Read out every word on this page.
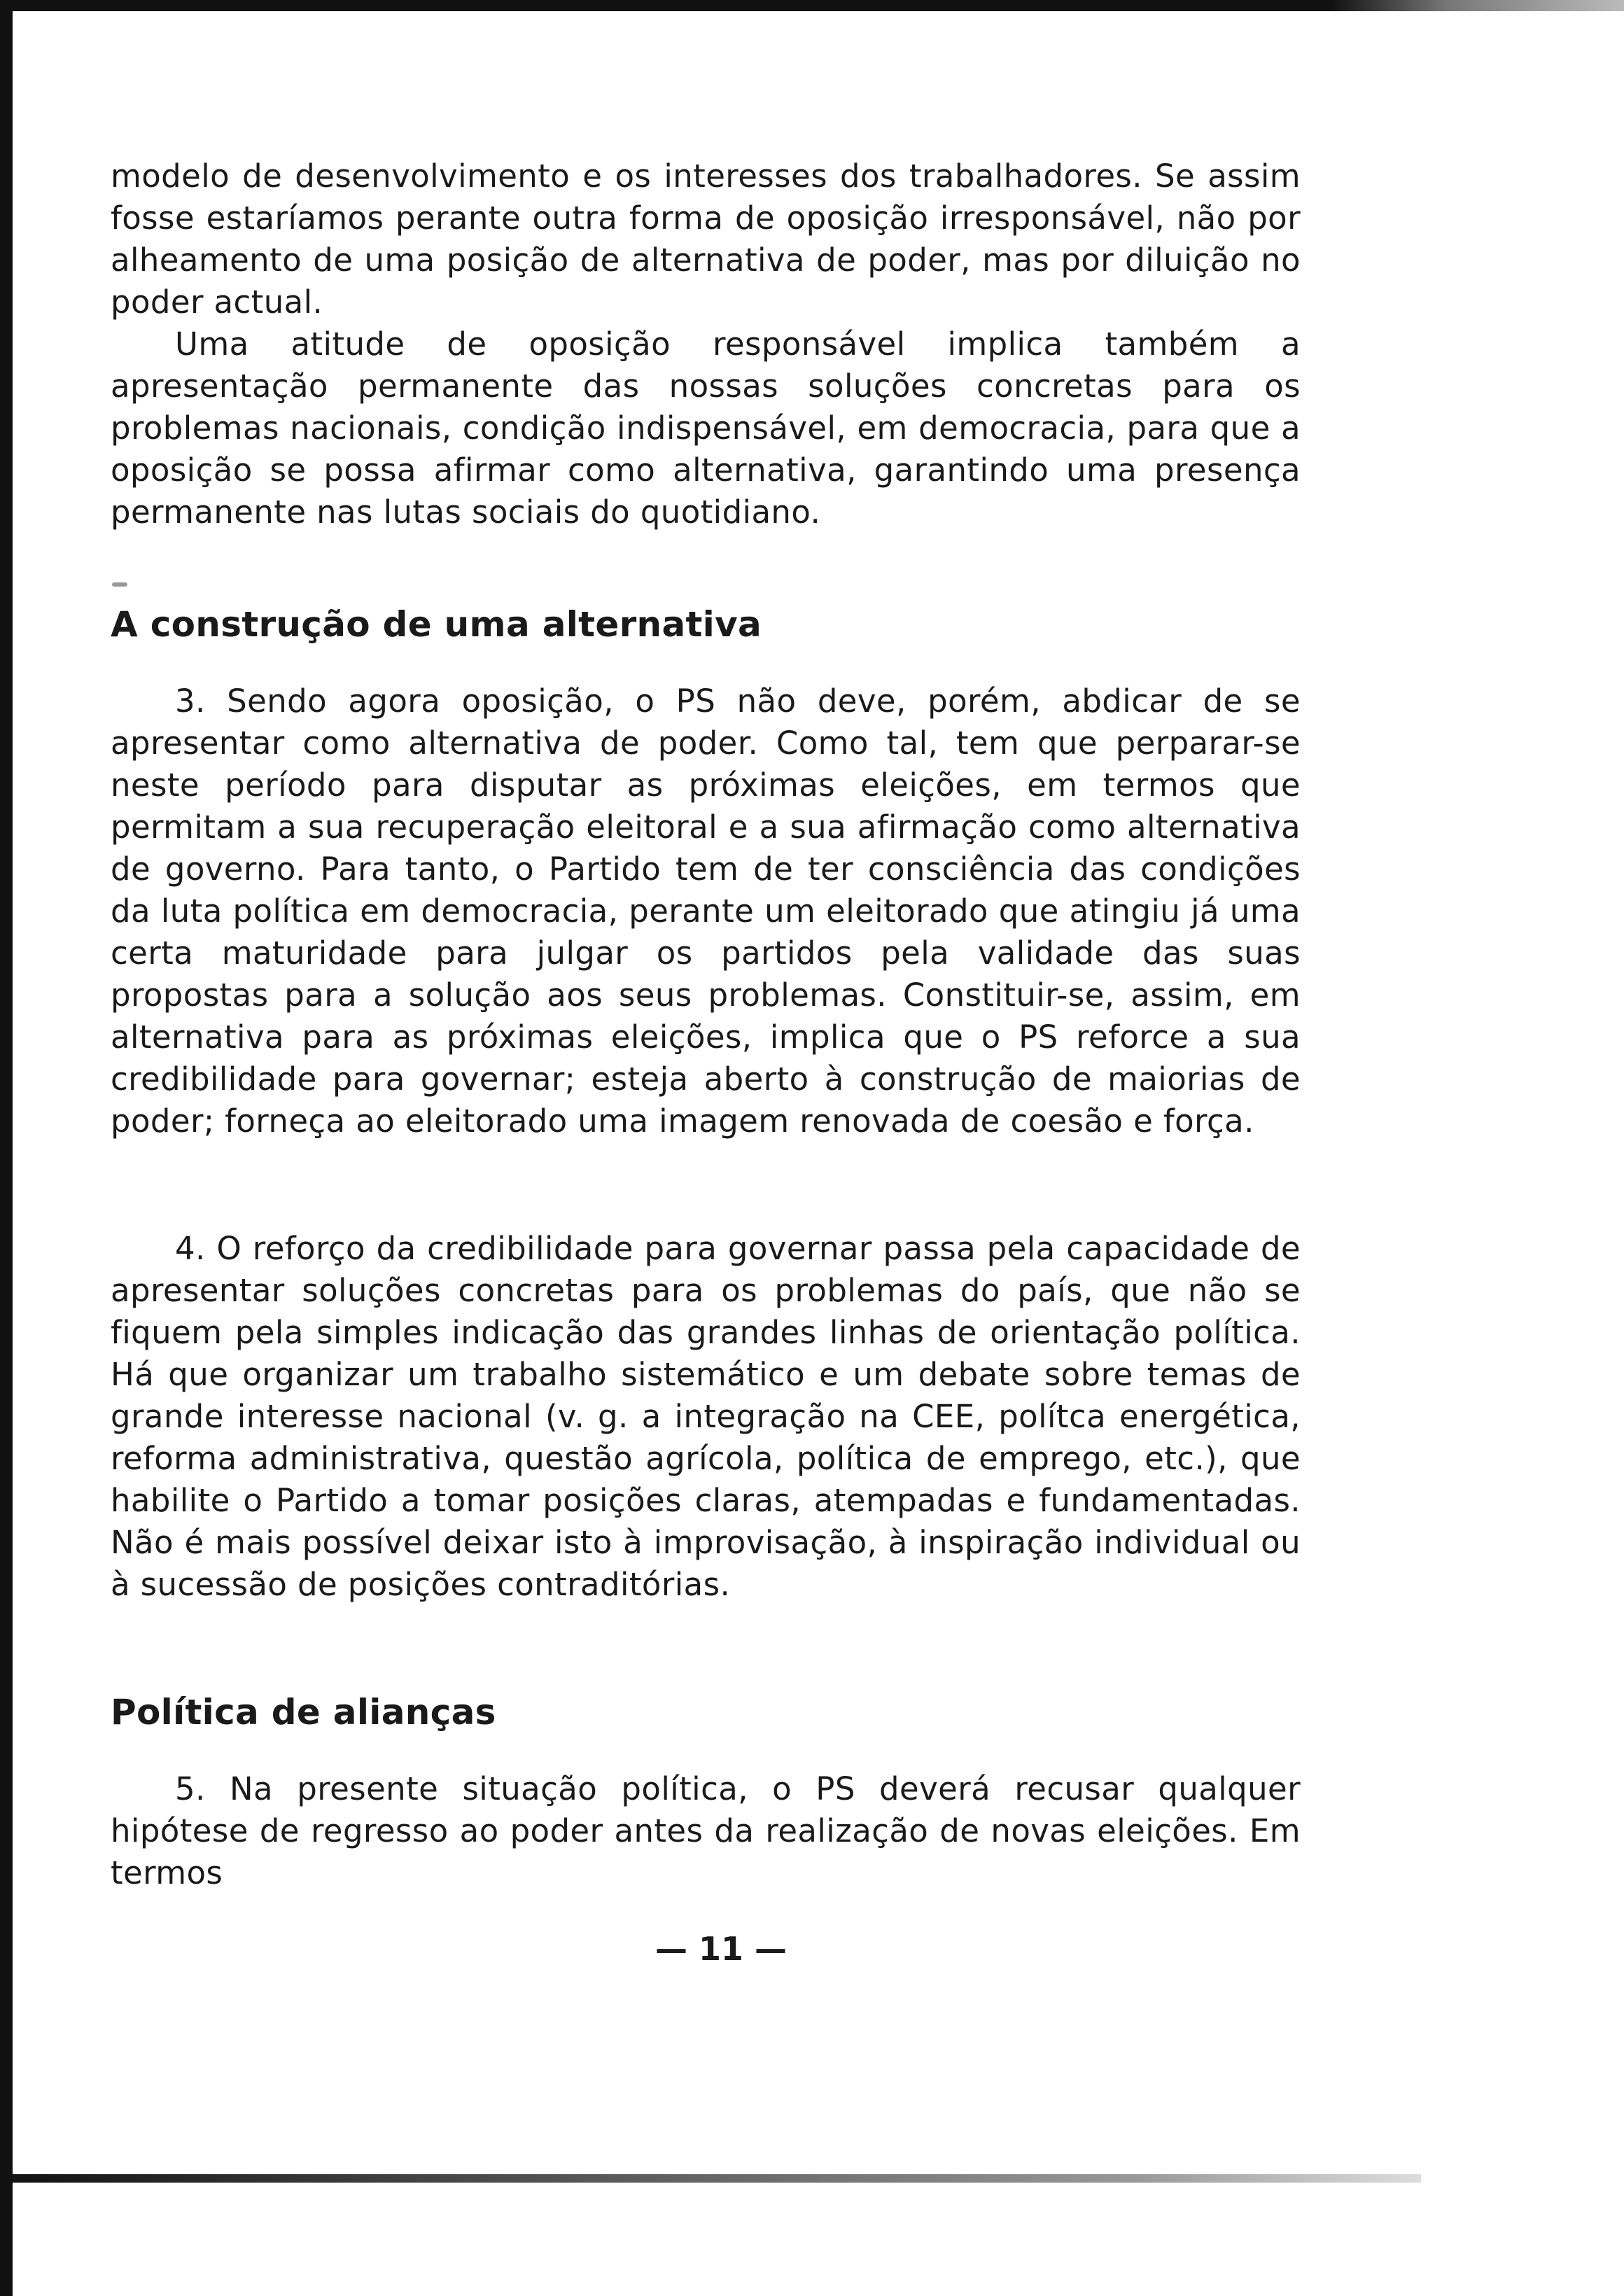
modelo de desenvolvimento e os interesses dos trabalhadores. Se assim fosse estaríamos perante outra forma de oposição irresponsável, não por alheamento de uma posição de alternativa de poder, mas por diluição no poder actual.

Uma atitude de oposição responsável implica também a apresentação permanente das nossas soluções concretas para os problemas nacionais, condição indispensável, em democracia, para que a oposição se possa afirmar como alternativa, garantindo uma presença permanente nas lutas sociais do quotidiano.

A construção de uma alternativa

3. Sendo agora oposição, o PS não deve, porém, abdicar de se apresentar como alternativa de poder. Como tal, tem que perparar-se neste período para disputar as próximas eleições, em termos que permitam a sua recuperação eleitoral e a sua afirmação como alternativa de governo. Para tanto, o Partido tem de ter consciência das condições da luta política em democracia, perante um eleitorado que atingiu já uma certa maturidade para julgar os partidos pela validade das suas propostas para a solução aos seus problemas. Constituir-se, assim, em alternativa para as próximas eleições, implica que o PS reforce a sua credibilidade para governar; esteja aberto à construção de maiorias de poder; forneça ao eleitorado uma imagem renovada de coesão e força.

4. O reforço da credibilidade para governar passa pela capacidade de apresentar soluções concretas para os problemas do país, que não se fiquem pela simples indicação das grandes linhas de orientação política. Há que organizar um trabalho sistemático e um debate sobre temas de grande interesse nacional (v. g. a integração na CEE, polítca energética, reforma administrativa, questão agrícola, política de emprego, etc.), que habilite o Partido a tomar posições claras, atempadas e fundamentadas. Não é mais possível deixar isto à improvisação, à inspiração individual ou à sucessão de posições contraditórias.

Política de alianças

5. Na presente situação política, o PS deverá recusar qualquer hipótese de regresso ao poder antes da realização de novas eleições. Em termos

— 11 —
